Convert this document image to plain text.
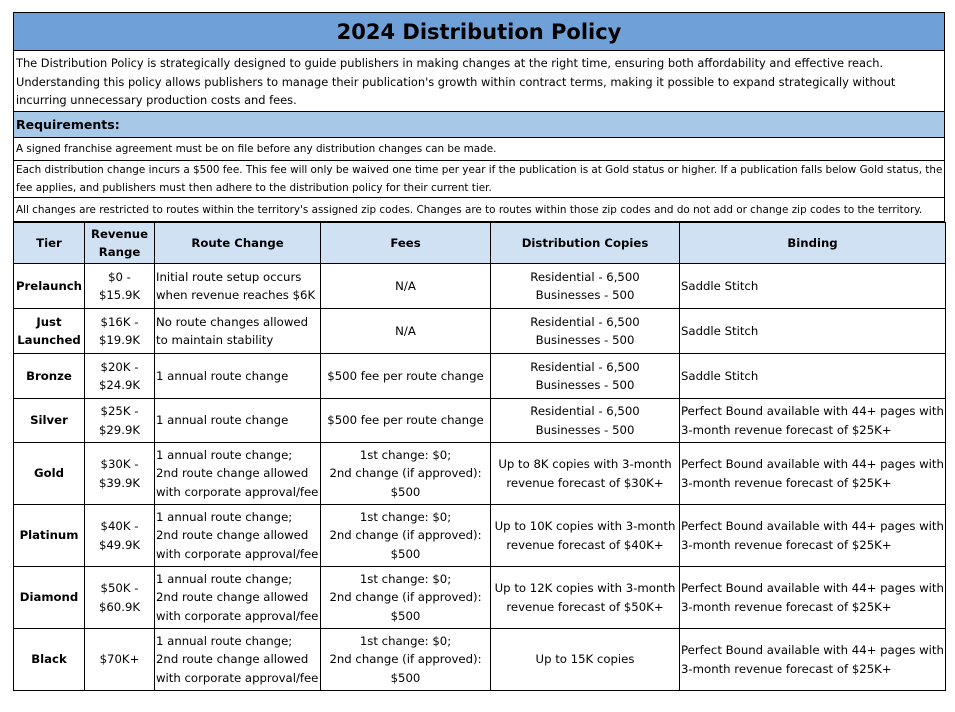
2024 Distribution Policy
The Distribution Policy is strategically designed to guide publishers in making changes at the right time, ensuring both affordability and effective reach. Understanding this policy allows publishers to manage their publication's growth within contract terms, making it possible to expand strategically without incurring unnecessary production costs and fees.
Requirements:
A signed franchise agreement must be on file before any distribution changes can be made.
Each distribution change incurs a $500 fee. This fee will only be waived one time per year if the publication is at Gold status or higher. If a publication falls below Gold status, the fee applies, and publishers must then adhere to the distribution policy for their current tier.
All changes are restricted to routes within the territory's assigned zip codes. Changes are to routes within those zip codes and do not add or change zip codes to the territory.
Tier	Revenue Range	Route Change	Fees	Distribution Copies	Binding
Prelaunch	$0 -
$15.9K	Initial route setup occurs when revenue reaches $6K	N/A	Residential - 6,500
Businesses - 500	Saddle Stitch
Just
Launched	$16K -
$19.9K	No route changes allowed to maintain stability	N/A	Residential - 6,500
Businesses - 500	Saddle Stitch
Bronze	$20K -
$24.9K	1 annual route change	$500 fee per route change	Residential - 6,500
Businesses - 500	Saddle Stitch
Silver	$25K -
$29.9K	1 annual route change	$500 fee per route change	Residential - 6,500
Businesses - 500	Perfect Bound available with 44+ pages with 3-month revenue forecast of $25K+
Gold	$30K -
$39.9K	1 annual route change;
2nd route change allowed
with corporate approval/fee	1st change: $0;
2nd change (if approved):
$500	Up to 8K copies with 3-month revenue forecast of $30K+	Perfect Bound available with 44+ pages with 3-month revenue forecast of $25K+
Platinum	$40K -
$49.9K	1 annual route change;
2nd route change allowed
with corporate approval/fee	1st change: $0;
2nd change (if approved):
$500	Up to 10K copies with 3-month revenue forecast of $40K+	Perfect Bound available with 44+ pages with 3-month revenue forecast of $25K+
Diamond	$50K -
$60.9K	1 annual route change;
2nd route change allowed
with corporate approval/fee	1st change: $0;
2nd change (if approved):
$500	Up to 12K copies with 3-month revenue forecast of $50K+	Perfect Bound available with 44+ pages with 3-month revenue forecast of $25K+
Black	$70K+	1 annual route change;
2nd route change allowed
with corporate approval/fee	1st change: $0;
2nd change (if approved):
$500	Up to 15K copies	Perfect Bound available with 44+ pages with 3-month revenue forecast of $25K+
